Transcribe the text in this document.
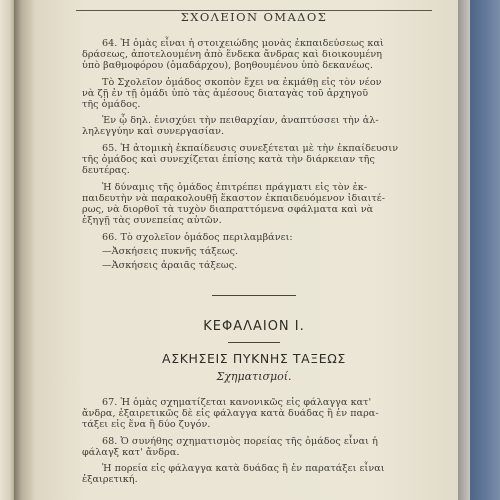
ΣΧΟΛΕΙΟΝ ΟΜΑΔΟΣ
64. Ἡ ὁμὰς εἶναι ἡ στοιχειώδης μονὰς ἐκπαιδεύσεως καὶ
δράσεως, ἀποτελουμένη ἀπὸ ἕνδεκα ἄνδρας καὶ διοικουμένη
ὑπὸ βαθμοφόρου (ὁμαδάρχου), βοηθουμένου ὑπὸ δεκανέως.
Τὸ Σχολεῖον ὁμάδος σκοπὸν ἔχει να ἐκμάθῃ εἰς τὸν νέον
νὰ ζῇ ἐν τῇ ὁμάδι ὑπὸ τὰς ἀμέσους διαταγὰς τοῦ ἀρχηγοῦ
τῆς ὁμάδος.
Ἐν ᾧ δηλ. ἐνισχύει τὴν πειθαρχίαν, ἀναπτύσσει τὴν ἀλ-
ληλεγγύην καὶ συνεργασίαν.
65. Ἡ ἀτομικὴ ἐκπαίδευσις συνεξέτεται μὲ τὴν ἐκπαίδευσιν
τῆς ὁμάδος καὶ συνεχίζεται ἐπίσης κατὰ τὴν διάρκειαν τῆς
δευτέρας.
Ἡ δύναμις τῆς ὁμάδος ἐπιτρέπει πράγματι εἰς τὸν ἐκ-
παιδευτὴν νὰ παρακολουθῇ ἕκαστον ἐκπαιδευόμενον ἰδιαιτέ-
ρως, νὰ διορθοῖ τὰ τυχὸν διαπραττόμενα σφάλματα καὶ νὰ
ἐξηγῇ τὰς συνεπείας αὐτῶν.
66. Τὸ σχολεῖον ὁμάδος περιλαμβάνει:
—Ἀσκήσεις πυκνῆς τάξεως.
—Ἀσκήσεις ἀραιᾶς τάξεως.
ΚΕΦΑΛΑΙΟΝ Ι.
ΑΣΚΗΣΕΙΣ ΠΥΚΝΗΣ ΤΑΞΕΩΣ
Σχηματισμοί.
67. Ἡ ὁμὰς σχηματίζεται κανονικῶς εἰς φάλαγγα κατ'
ἄνδρα, ἐξαιρετικῶς δὲ εἰς φάλαγγα κατὰ δυάδας ἢ ἐν παρα-
τάξει εἰς ἕνα ἢ δύο ζυγόν.
68. Ὁ συνήθης σχηματισμὸς πορείας τῆς ὁμάδος εἶναι ἡ
φάλαγξ κατ' ἄνδρα.
Ἡ πορεία εἰς φάλαγγα κατὰ δυάδας ἢ ἐν παρατάξει εἶναι
ἐξαιρετική.
